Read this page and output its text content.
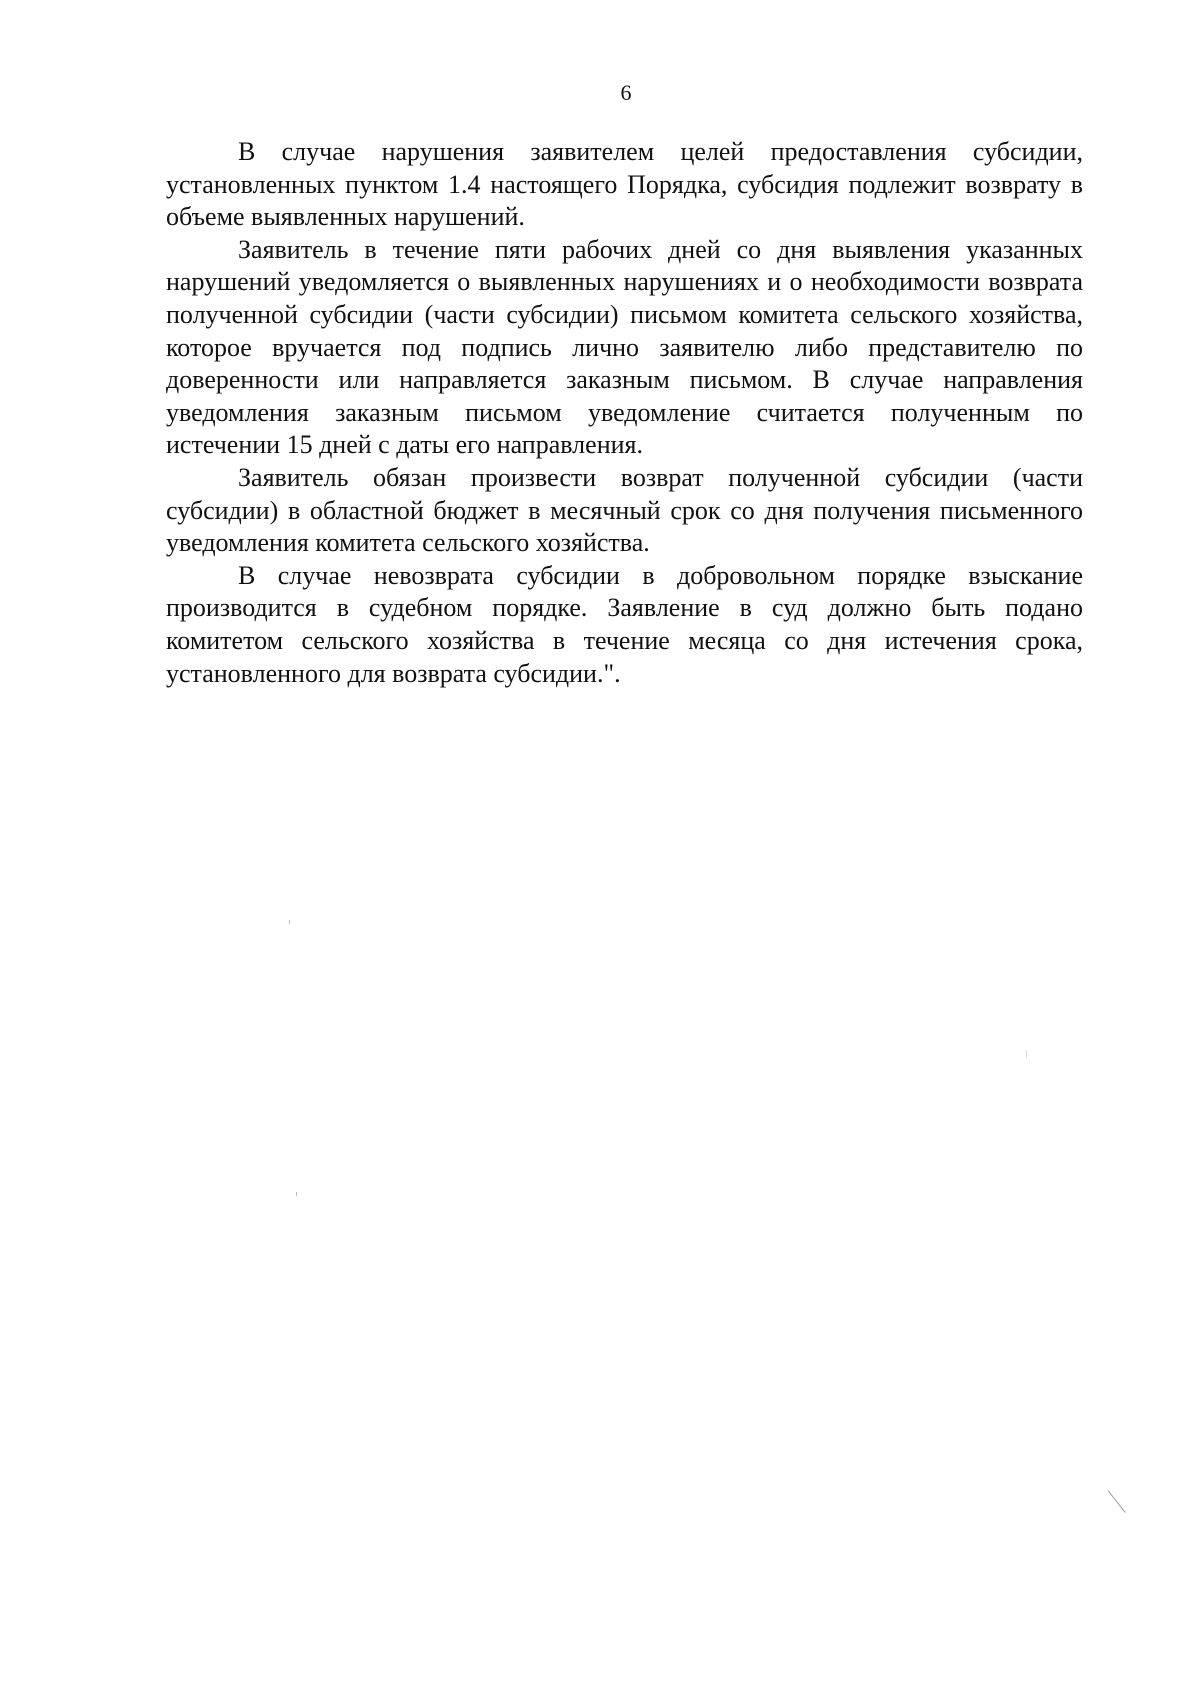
6

В случае нарушения заявителем целей предоставления субсидии, установленных пунктом 1.4 настоящего Порядка, субсидия подлежит возврату в объеме выявленных нарушений.

Заявитель в течение пяти рабочих дней со дня выявления указанных нарушений уведомляется о выявленных нарушениях и о необходимости возврата полученной субсидии (части субсидии) письмом комитета сельского хозяйства, которое вручается под подпись лично заявителю либо представителю по доверенности или направляется заказным письмом. В случае направления уведомления заказным письмом уведомление считается полученным по истечении 15 дней с даты его направления.

Заявитель обязан произвести возврат полученной субсидии (части субсидии) в областной бюджет в месячный срок со дня получения письменного уведомления комитета сельского хозяйства.

В случае невозврата субсидии в добровольном порядке взыскание производится в судебном порядке. Заявление в суд должно быть подано комитетом сельского хозяйства в течение месяца со дня истечения срока, установленного для возврата субсидии.".
